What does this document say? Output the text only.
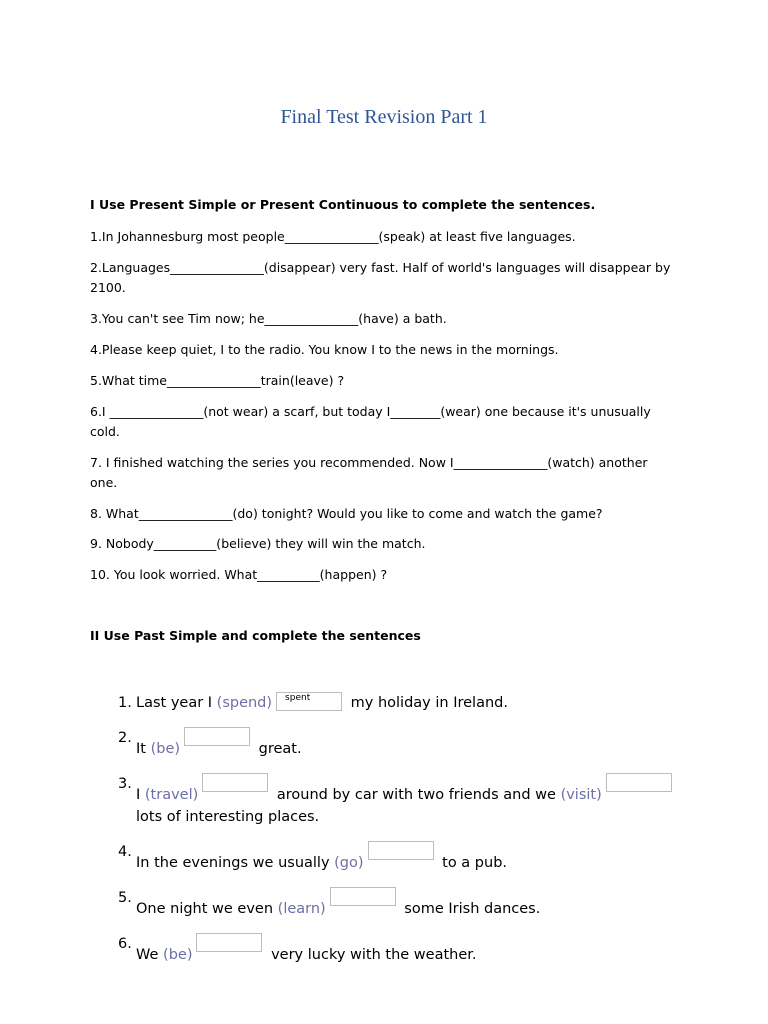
Final Test Revision Part 1
I Use Present Simple or Present Continuous to complete the sentences.
1.In Johannesburg most people_______________(speak) at least five languages.
2.Languages_______________(disappear) very fast. Half of world's languages will disappear by
2100.
3.You can't see Tim now; he_______________(have) a bath.
4.Please keep quiet, I to the radio. You know I to the news in the mornings.
5.What time_______________train(leave) ?
6.I _______________(not wear) a scarf, but today I________(wear) one because it's unusually
cold.
7. I finished watching the series you recommended. Now I_______________(watch) another
one.
8. What_______________(do) tonight? Would you like to come and watch the game?
9. Nobody__________(believe) they will win the match.
10. You look worried. What__________(happen) ?
II Use Past Simple and complete the sentences
1. Last year I (spend) spent my holiday in Ireland.
2.
It (be)	great.
3.
I (travel)	around by car with two friends and we (visit) lots of interesting places.
4.
In the evenings we usually (go)	to a pub.
5.
One night we even (learn)	some Irish dances.
6.
We (be)	very lucky with the weather.
